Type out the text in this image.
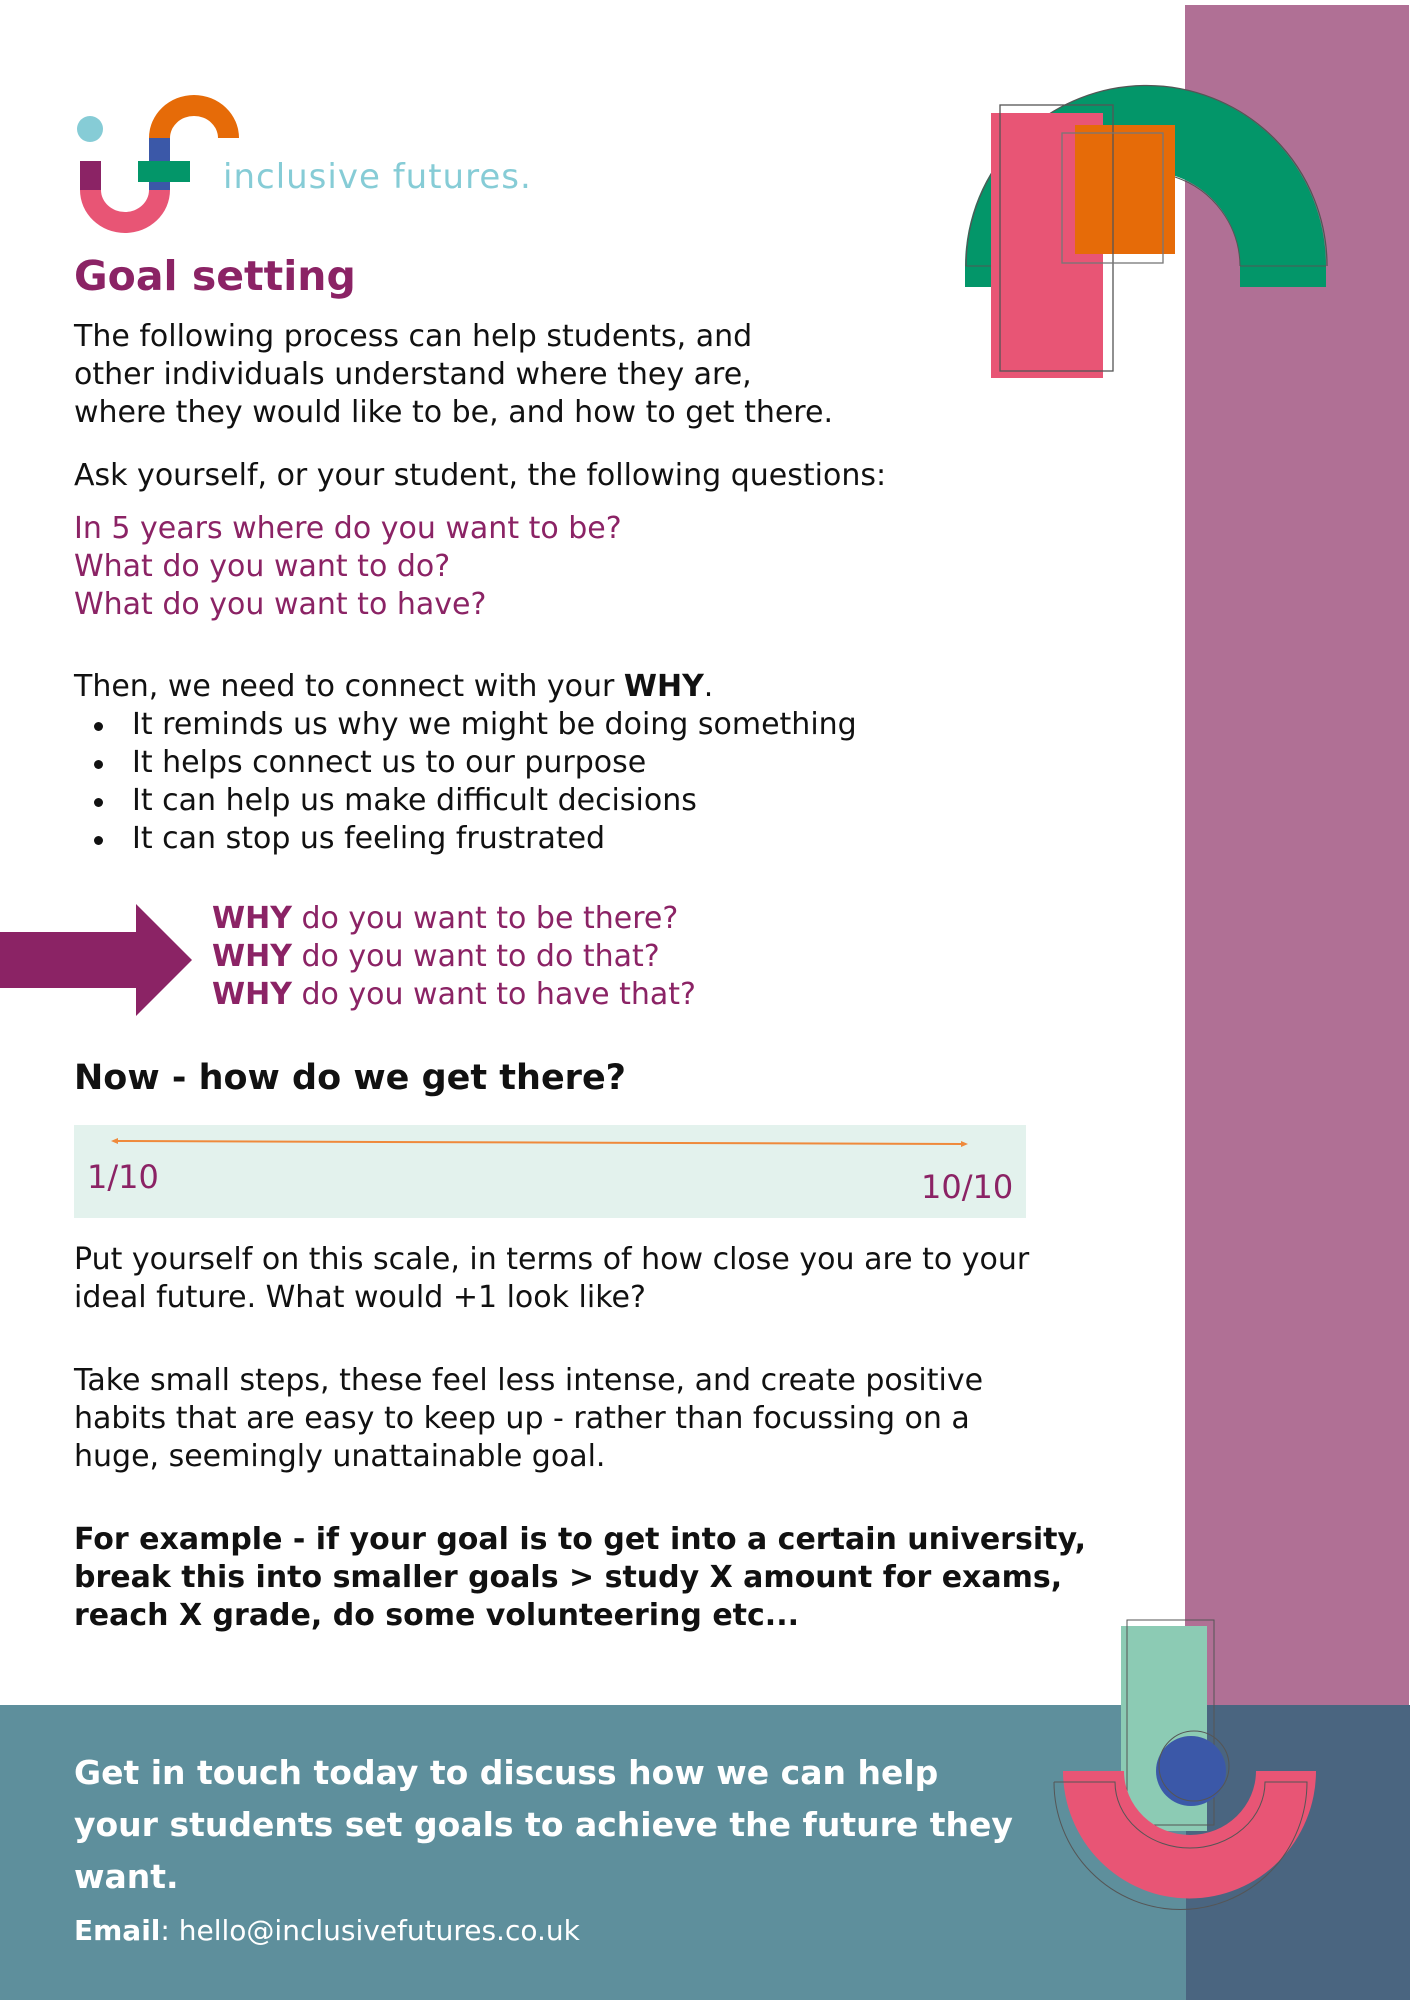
inclusive futures.
Goal setting
The following process can help students, and
other individuals understand where they are,
where they would like to be, and how to get there.
Ask yourself, or your student, the following questions:
In 5 years where do you want to be?
What do you want to do?
What do you want to have?
Then, we need to connect with your WHY.
It reminds us why we might be doing something
It helps connect us to our purpose
It can help us make difficult decisions
It can stop us feeling frustrated
WHY do you want to be there?
WHY do you want to do that?
WHY do you want to have that?
Now - how do we get there?
1/10	10/10
Put yourself on this scale, in terms of how close you are to your
ideal future. What would +1 look like?
Take small steps, these feel less intense, and create positive
habits that are easy to keep up - rather than focussing on a
huge, seemingly unattainable goal.
For example - if your goal is to get into a certain university,
break this into smaller goals > study X amount for exams,
reach X grade, do some volunteering etc...
Get in touch today to discuss how we can help
your students set goals to achieve the future they
want.
Email: hello@inclusivefutures.co.uk
